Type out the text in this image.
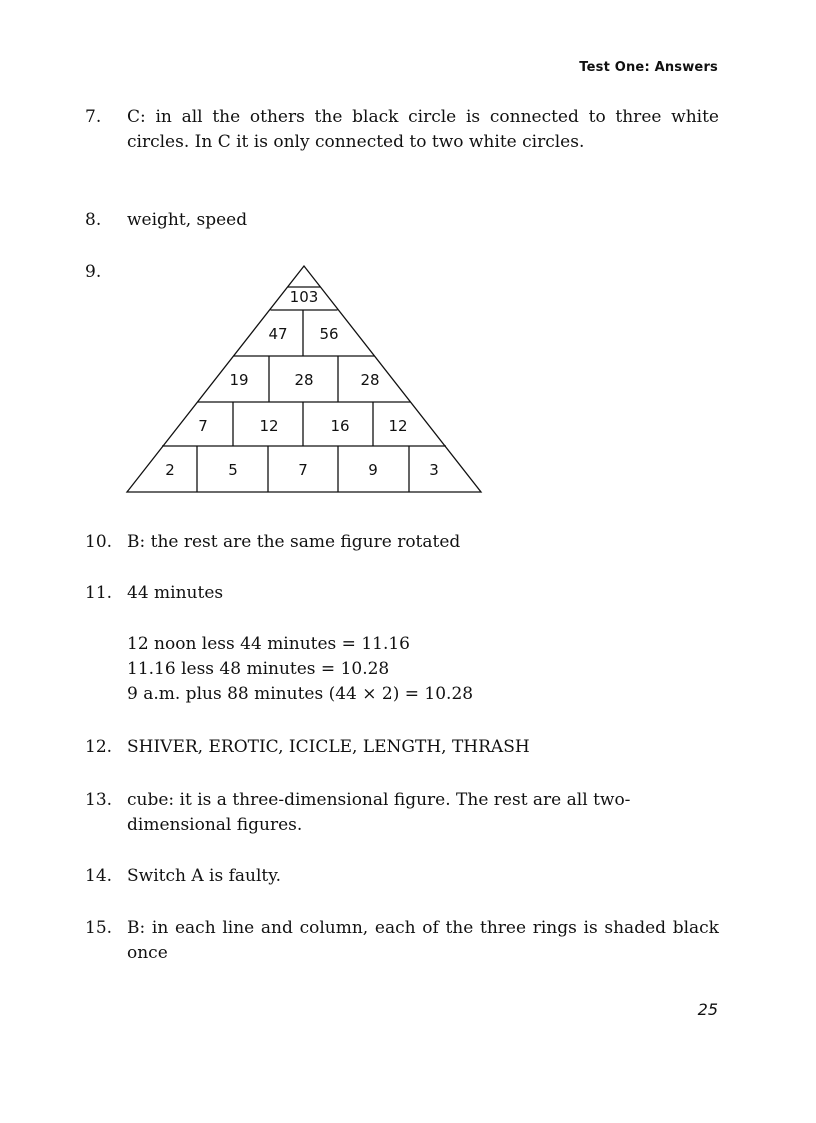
Test One: Answers
7.	C: in all the others the black circle is connected to three white circles. In C it is only connected to two white circles.
8.	weight, speed
9.
103
47 56
19	28	28
7	12	16	12
2	5	7	9	3
10. B: the rest are the same figure rotated
11. 44 minutes
12 noon less 44 minutes = 11.16
11.16 less 48 minutes = 10.28
9 a.m. plus 88 minutes (44 × 2) = 10.28
12. SHIVER, EROTIC, ICICLE, LENGTH, THRASH
13. cube: it is a three-dimensional figure. The rest are all two-dimensional figures.
14. Switch A is faulty.
15. B: in each line and column, each of the three rings is shaded black once
25
